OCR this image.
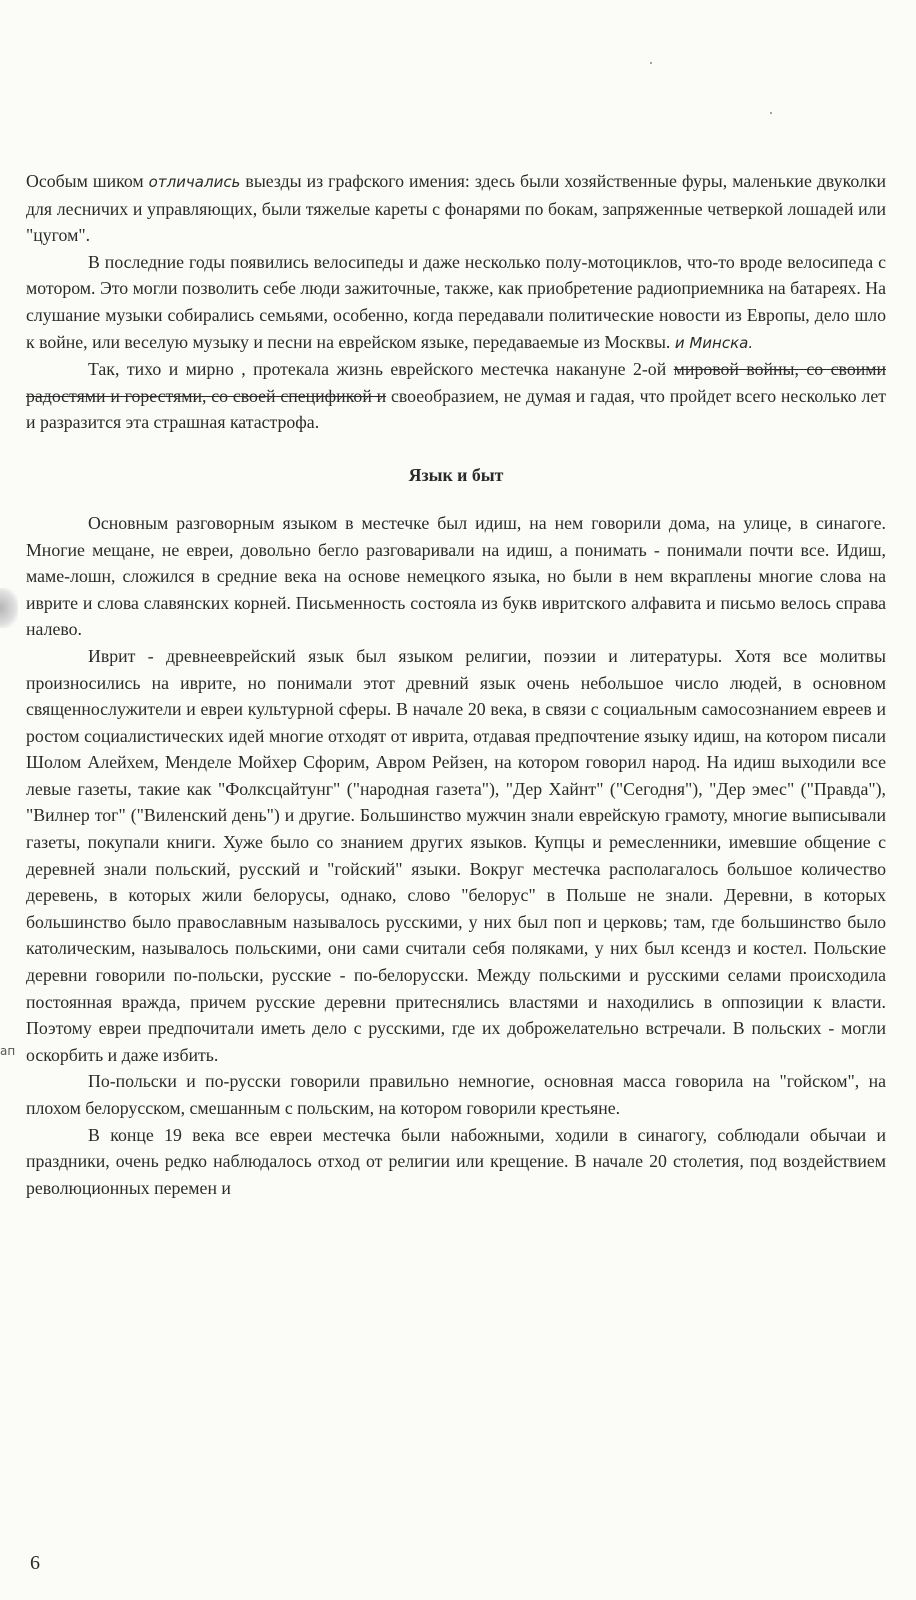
ап

Особым шиком отличались выезды из графского имения: здесь были хозяйственные фуры, маленькие двуколки для лесничих и управляющих, были тяжелые кареты с фонарями по бокам, запряженные четверкой лошадей или "цугом".

В последние годы появились велосипеды и даже несколько полу-мотоциклов, что-то вроде велосипеда с мотором. Это могли позволить себе люди зажиточные, также, как приобретение радиоприемника на батареях. На слушание музыки собирались семьями, особенно, когда передавали политические новости из Европы, дело шло к войне, или веселую музыку и песни на еврейском языке, передаваемые из Москвы. и Минска.

Так, тихо и мирно , протекала жизнь еврейского местечка накануне 2-ой мировой войны, со своими радостями и горестями, со своей спецификой и своеобразием, не думая и гадая, что пройдет всего несколько лет и разразится эта страшная катастрофа.

Язык и быт

Основным разговорным языком в местечке был идиш, на нем говорили дома, на улице, в синагоге. Многие мещане, не евреи, довольно бегло разговаривали на идиш, а понимать - понимали почти все. Идиш, маме-лошн, сложился в средние века на основе немецкого языка, но были в нем вкраплены многие слова на иврите и слова славянских корней. Письменность состояла из букв ивритского алфавита и письмо велось справа налево.

Иврит - древнееврейский язык был языком религии, поэзии и литературы. Хотя все молитвы произносились на иврите, но понимали этот древний язык очень небольшое число людей, в основном священнослужители и евреи культурной сферы. В начале 20 века, в связи с социальным самосознанием евреев и ростом социалистических идей многие отходят от иврита, отдавая предпочтение языку идиш, на котором писали Шолом Алейхем, Менделе Мойхер Сфорим, Авром Рейзен, на котором говорил народ. На идиш выходили все левые газеты, такие как "Фолксцайтунг" ("народная газета"), "Дер Хайнт" ("Сегодня"), "Дер эмес" ("Правда"), "Вилнер тог" ("Виленский день") и другие. Большинство мужчин знали еврейскую грамоту, многие выписывали газеты, покупали книги. Хуже было со знанием других языков. Купцы и ремесленники, имевшие общение с деревней знали польский, русский и "гойский" языки. Вокруг местечка располагалось большое количество деревень, в которых жили белорусы, однако, слово "белорус" в Польше не знали. Деревни, в которых большинство было православным называлось русскими, у них был поп и церковь; там, где большинство было католическим, называлось польскими, они сами считали себя поляками, у них был ксендз и костел. Польские деревни говорили по-польски, русские - по-белорусски. Между польскими и русскими селами происходила постоянная вражда, причем русские деревни притеснялись властями и находились в оппозиции к власти. Поэтому евреи предпочитали иметь дело с русскими, где их доброжелательно встречали. В польских - могли оскорбить и даже избить.

По-польски и по-русски говорили правильно немногие, основная масса говорила на "гойском", на плохом белорусском, смешанным с польским, на котором говорили крестьяне.

В конце 19 века все евреи местечка были набожными, ходили в синагогу, соблюдали обычаи и праздники, очень редко наблюдалось отход от религии или крещение. В начале 20 столетия, под воздействием революционных перемен и

6
